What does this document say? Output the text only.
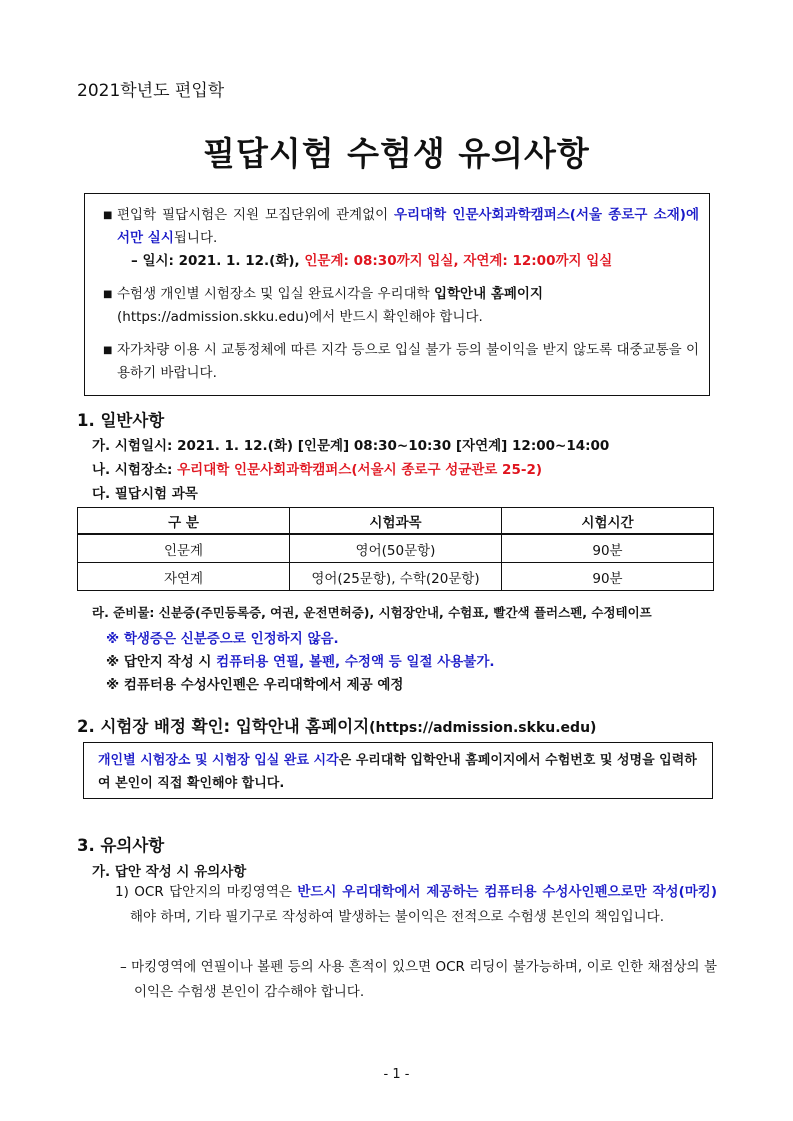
2021학년도 편입학
필답시험 수험생 유의사항
■ 편입학 필답시험은 지원 모집단위에 관계없이 우리대학 인문사회과학캠퍼스(서울 종로구 소재)에서만 실시됩니다.
– 일시: 2021. 1. 12.(화), 인문계: 08:30까지 입실, 자연계: 12:00까지 입실
■ 수험생 개인별 시험장소 및 입실 완료시각을 우리대학 입학안내 홈페이지
(https://admission.skku.edu)에서 반드시 확인해야 합니다.
■ 자가차량 이용 시 교통정체에 따른 지각 등으로 입실 불가 등의 불이익을 받지 않도록 대중교통을 이용하기 바랍니다.
1. 일반사항
가. 시험일시: 2021. 1. 12.(화) [인문계] 08:30~10:30 [자연계] 12:00~14:00
나. 시험장소: 우리대학 인문사회과학캠퍼스(서울시 종로구 성균관로 25-2)
다. 필답시험 과목
구 분	시험과목	시험시간
인문계	영어(50문항)	90분
자연계	영어(25문항), 수학(20문항)	90분
라. 준비물: 신분증(주민등록증, 여권, 운전면허증), 시험장안내, 수험표, 빨간색 플러스펜, 수정테이프
※ 학생증은 신분증으로 인정하지 않음.
※ 답안지 작성 시 컴퓨터용 연필, 볼펜, 수정액 등 일절 사용불가.
※ 컴퓨터용 수성사인펜은 우리대학에서 제공 예정
2. 시험장 배정 확인: 입학안내 홈페이지(https://admission.skku.edu)
개인별 시험장소 및 시험장 입실 완료 시각은 우리대학 입학안내 홈페이지에서 수험번호 및 성명을 입력하여 본인이 직접 확인해야 합니다.
3. 유의사항
가. 답안 작성 시 유의사항
1) OCR 답안지의 마킹영역은 반드시 우리대학에서 제공하는 컴퓨터용 수성사인펜으로만 작성(마킹)해야 하며, 기타 필기구로 작성하여 발생하는 불이익은 전적으로 수험생 본인의 책임입니다.
– 마킹영역에 연필이나 볼펜 등의 사용 흔적이 있으면 OCR 리딩이 불가능하며, 이로 인한 채점상의 불이익은 수험생 본인이 감수해야 합니다.
- 1 -
